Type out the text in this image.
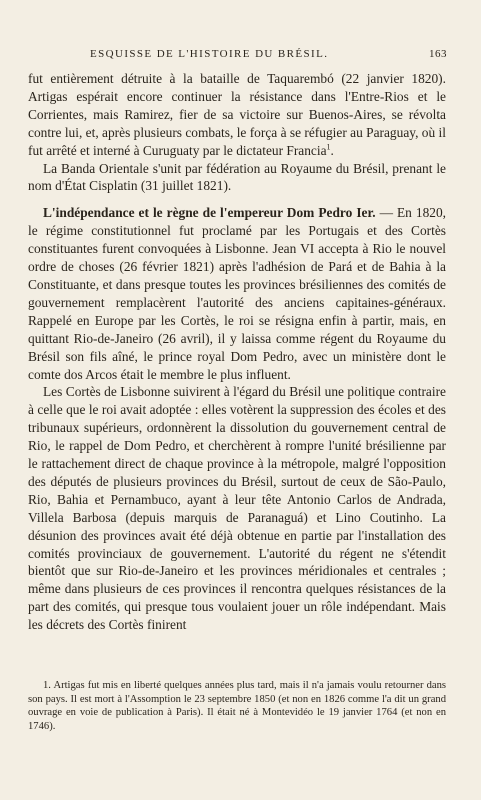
ESQUISSE DE L'HISTOIRE DU BRÉSIL.	163

fut entièrement détruite à la bataille de Taquarembó (22 janvier 1820). Artigas espérait encore continuer la résistance dans l'Entre-Rios et le Corrientes, mais Ramirez, fier de sa victoire sur Buenos-Aires, se révolta contre lui, et, après plusieurs combats, le força à se réfugier au Paraguay, où il fut arrêté et interné à Curuguaty par le dictateur Francia$^1$.

La Banda Orientale s'unit par fédération au Royaume du Brésil, prenant le nom d'État Cisplatin (31 juillet 1821).

L'indépendance et le règne de l'empereur Dom Pedro Ier. — En 1820, le régime constitutionnel fut proclamé par les Portugais et des Cortès constituantes furent convoquées à Lisbonne. Jean VI accepta à Rio le nouvel ordre de choses (26 février 1821) après l'adhésion de Pará et de Bahia à la Constituante, et dans presque toutes les provinces brésiliennes des comités de gouvernement remplacèrent l'autorité des anciens capitaines-généraux. Rappelé en Europe par les Cortès, le roi se résigna enfin à partir, mais, en quittant Rio-de-Janeiro (26 avril), il y laissa comme régent du Royaume du Brésil son fils aîné, le prince royal Dom Pedro, avec un ministère dont le comte dos Arcos était le membre le plus influent.

Les Cortès de Lisbonne suivirent à l'égard du Brésil une politique contraire à celle que le roi avait adoptée : elles votèrent la suppression des écoles et des tribunaux supérieurs, ordonnèrent la dissolution du gouvernement central de Rio, le rappel de Dom Pedro, et cherchèrent à rompre l'unité brésilienne par le rattachement direct de chaque province à la métropole, malgré l'opposition des députés de plusieurs provinces du Brésil, surtout de ceux de São-Paulo, Rio, Bahia et Pernambuco, ayant à leur tête Antonio Carlos de Andrada, Villela Barbosa (depuis marquis de Paranaguá) et Lino Coutinho. La désunion des provinces avait été déjà obtenue en partie par l'installation des comités provinciaux de gouvernement. L'autorité du régent ne s'étendit bientôt que sur Rio-de-Janeiro et les provinces méridionales et centrales ; même dans plusieurs de ces provinces il rencontra quelques résistances de la part des comités, qui presque tous voulaient jouer un rôle indépendant. Mais les décrets des Cortès finirent

1. Artigas fut mis en liberté quelques années plus tard, mais il n'a jamais voulu retourner dans son pays. Il est mort à l'Assomption le 23 septembre 1850 (et non en 1826 comme l'a dit un grand ouvrage en voie de publication à Paris). Il était né à Montevidéo le 19 janvier 1764 (et non en 1746).
